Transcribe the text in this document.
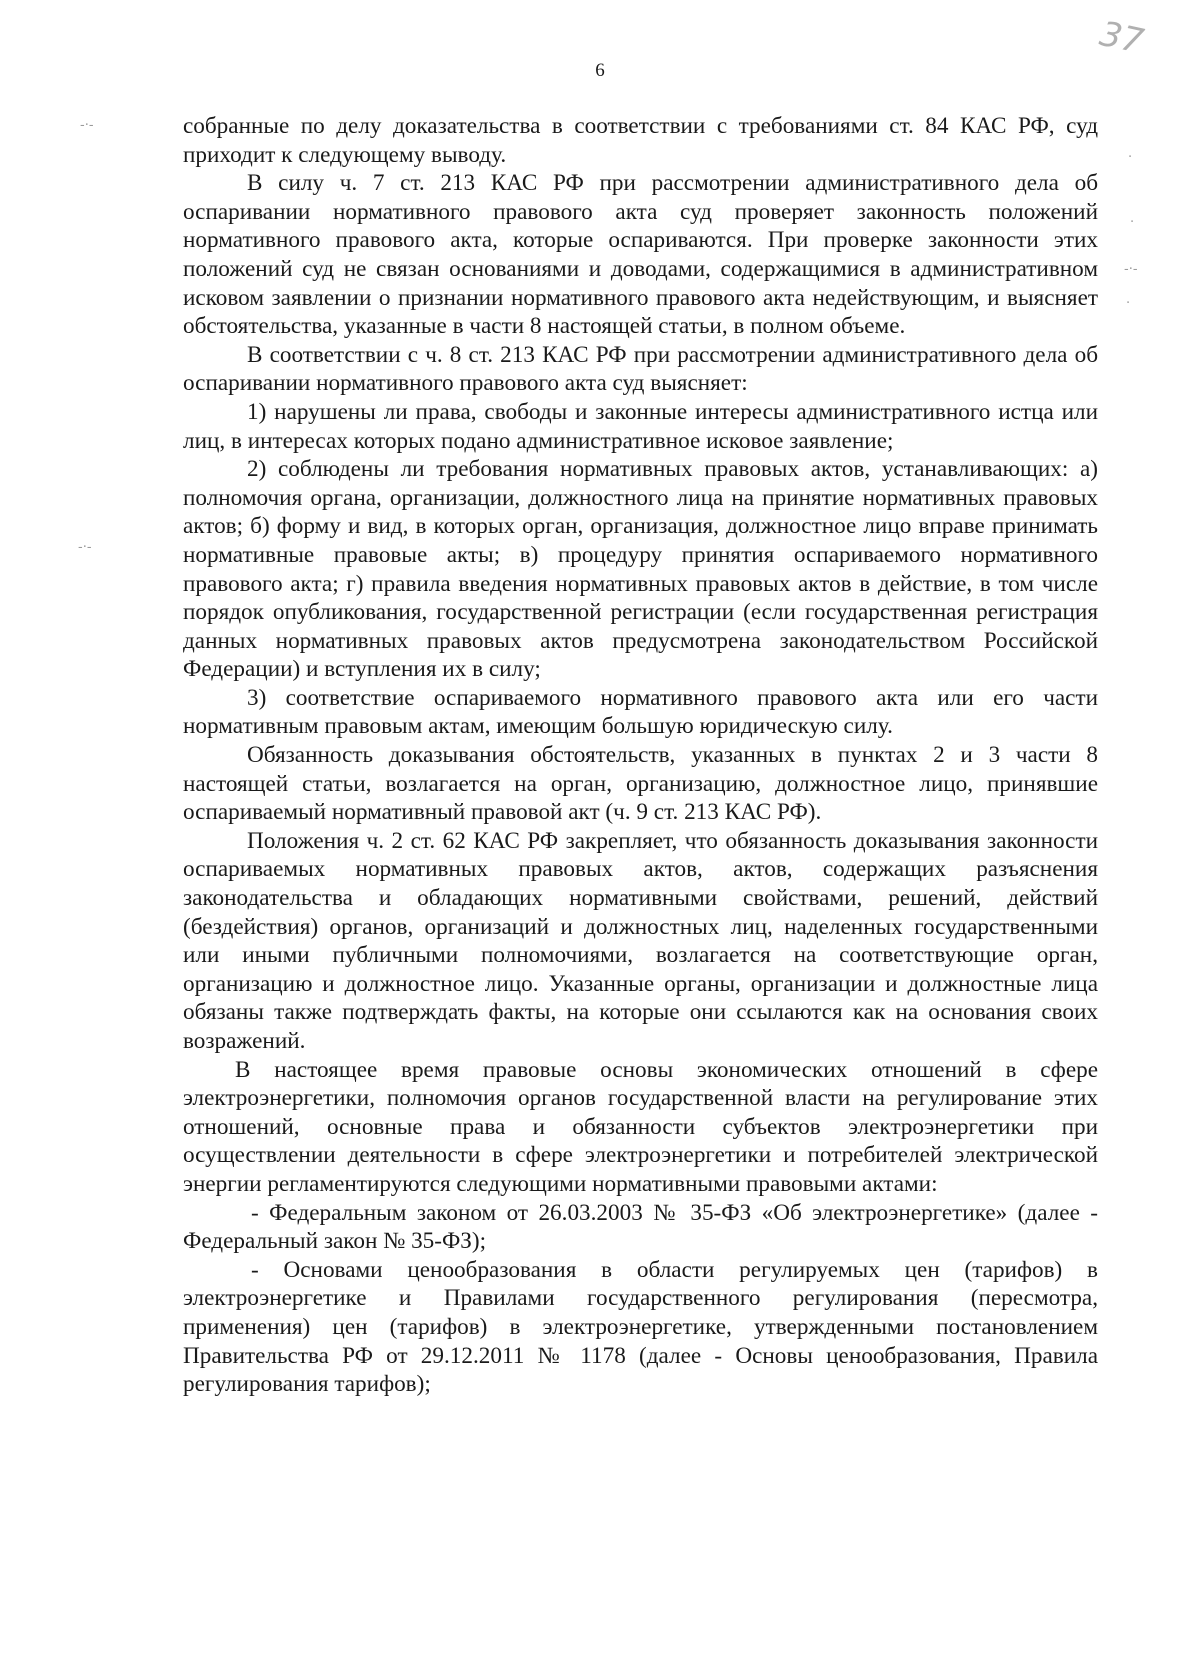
37
6

собранные по делу доказательства в соответствии с требованиями ст. 84 КАС РФ, суд приходит к следующему выводу.

В силу ч. 7 ст. 213 КАС РФ при рассмотрении административного дела об оспаривании нормативного правового акта суд проверяет законность положений нормативного правового акта, которые оспариваются. При проверке законности этих положений суд не связан основаниями и доводами, содержащимися в административном исковом заявлении о признании нормативного правового акта недействующим, и выясняет обстоятельства, указанные в части 8 настоящей статьи, в полном объеме.

В соответствии с ч. 8 ст. 213 КАС РФ при рассмотрении административного дела об оспаривании нормативного правового акта суд выясняет:

1) нарушены ли права, свободы и законные интересы административного истца или лиц, в интересах которых подано административное исковое заявление;

2) соблюдены ли требования нормативных правовых актов, устанавливающих: а) полномочия органа, организации, должностного лица на принятие нормативных правовых актов; б) форму и вид, в которых орган, организация, должностное лицо вправе принимать нормативные правовые акты; в) процедуру принятия оспариваемого нормативного правового акта; г) правила введения нормативных правовых актов в действие, в том числе порядок опубликования, государственной регистрации (если государственная регистрация данных нормативных правовых актов предусмотрена законодательством Российской Федерации) и вступления их в силу;

3) соответствие оспариваемого нормативного правового акта или его части нормативным правовым актам, имеющим большую юридическую силу.

Обязанность доказывания обстоятельств, указанных в пунктах 2 и 3 части 8 настоящей статьи, возлагается на орган, организацию, должностное лицо, принявшие оспариваемый нормативный правовой акт (ч. 9 ст. 213 КАС РФ).

Положения ч. 2 ст. 62 КАС РФ закрепляет, что обязанность доказывания законности оспариваемых нормативных правовых актов, актов, содержащих разъяснения законодательства и обладающих нормативными свойствами, решений, действий (бездействия) органов, организаций и должностных лиц, наделенных государственными или иными публичными полномочиями, возлагается на соответствующие орган, организацию и должностное лицо. Указанные органы, организации и должностные лица обязаны также подтверждать факты, на которые они ссылаются как на основания своих возражений.

В настоящее время правовые основы экономических отношений в сфере электроэнергетики, полномочия органов государственной власти на регулирование этих отношений, основные права и обязанности субъектов электроэнергетики при осуществлении деятельности в сфере электроэнергетики и потребителей электрической энергии регламентируются следующими нормативными правовыми актами:

- Федеральным законом от 26.03.2003 № 35-ФЗ «Об электроэнергетике» (далее - Федеральный закон № 35-ФЗ);

- Основами ценообразования в области регулируемых цен (тарифов) в электроэнергетике и Правилами государственного регулирования (пересмотра, применения) цен (тарифов) в электроэнергетике, утвержденными постановлением Правительства РФ от 29.12.2011 № 1178 (далее - Основы ценообразования, Правила регулирования тарифов);

-·-
-·-
·
·
-·-
·
